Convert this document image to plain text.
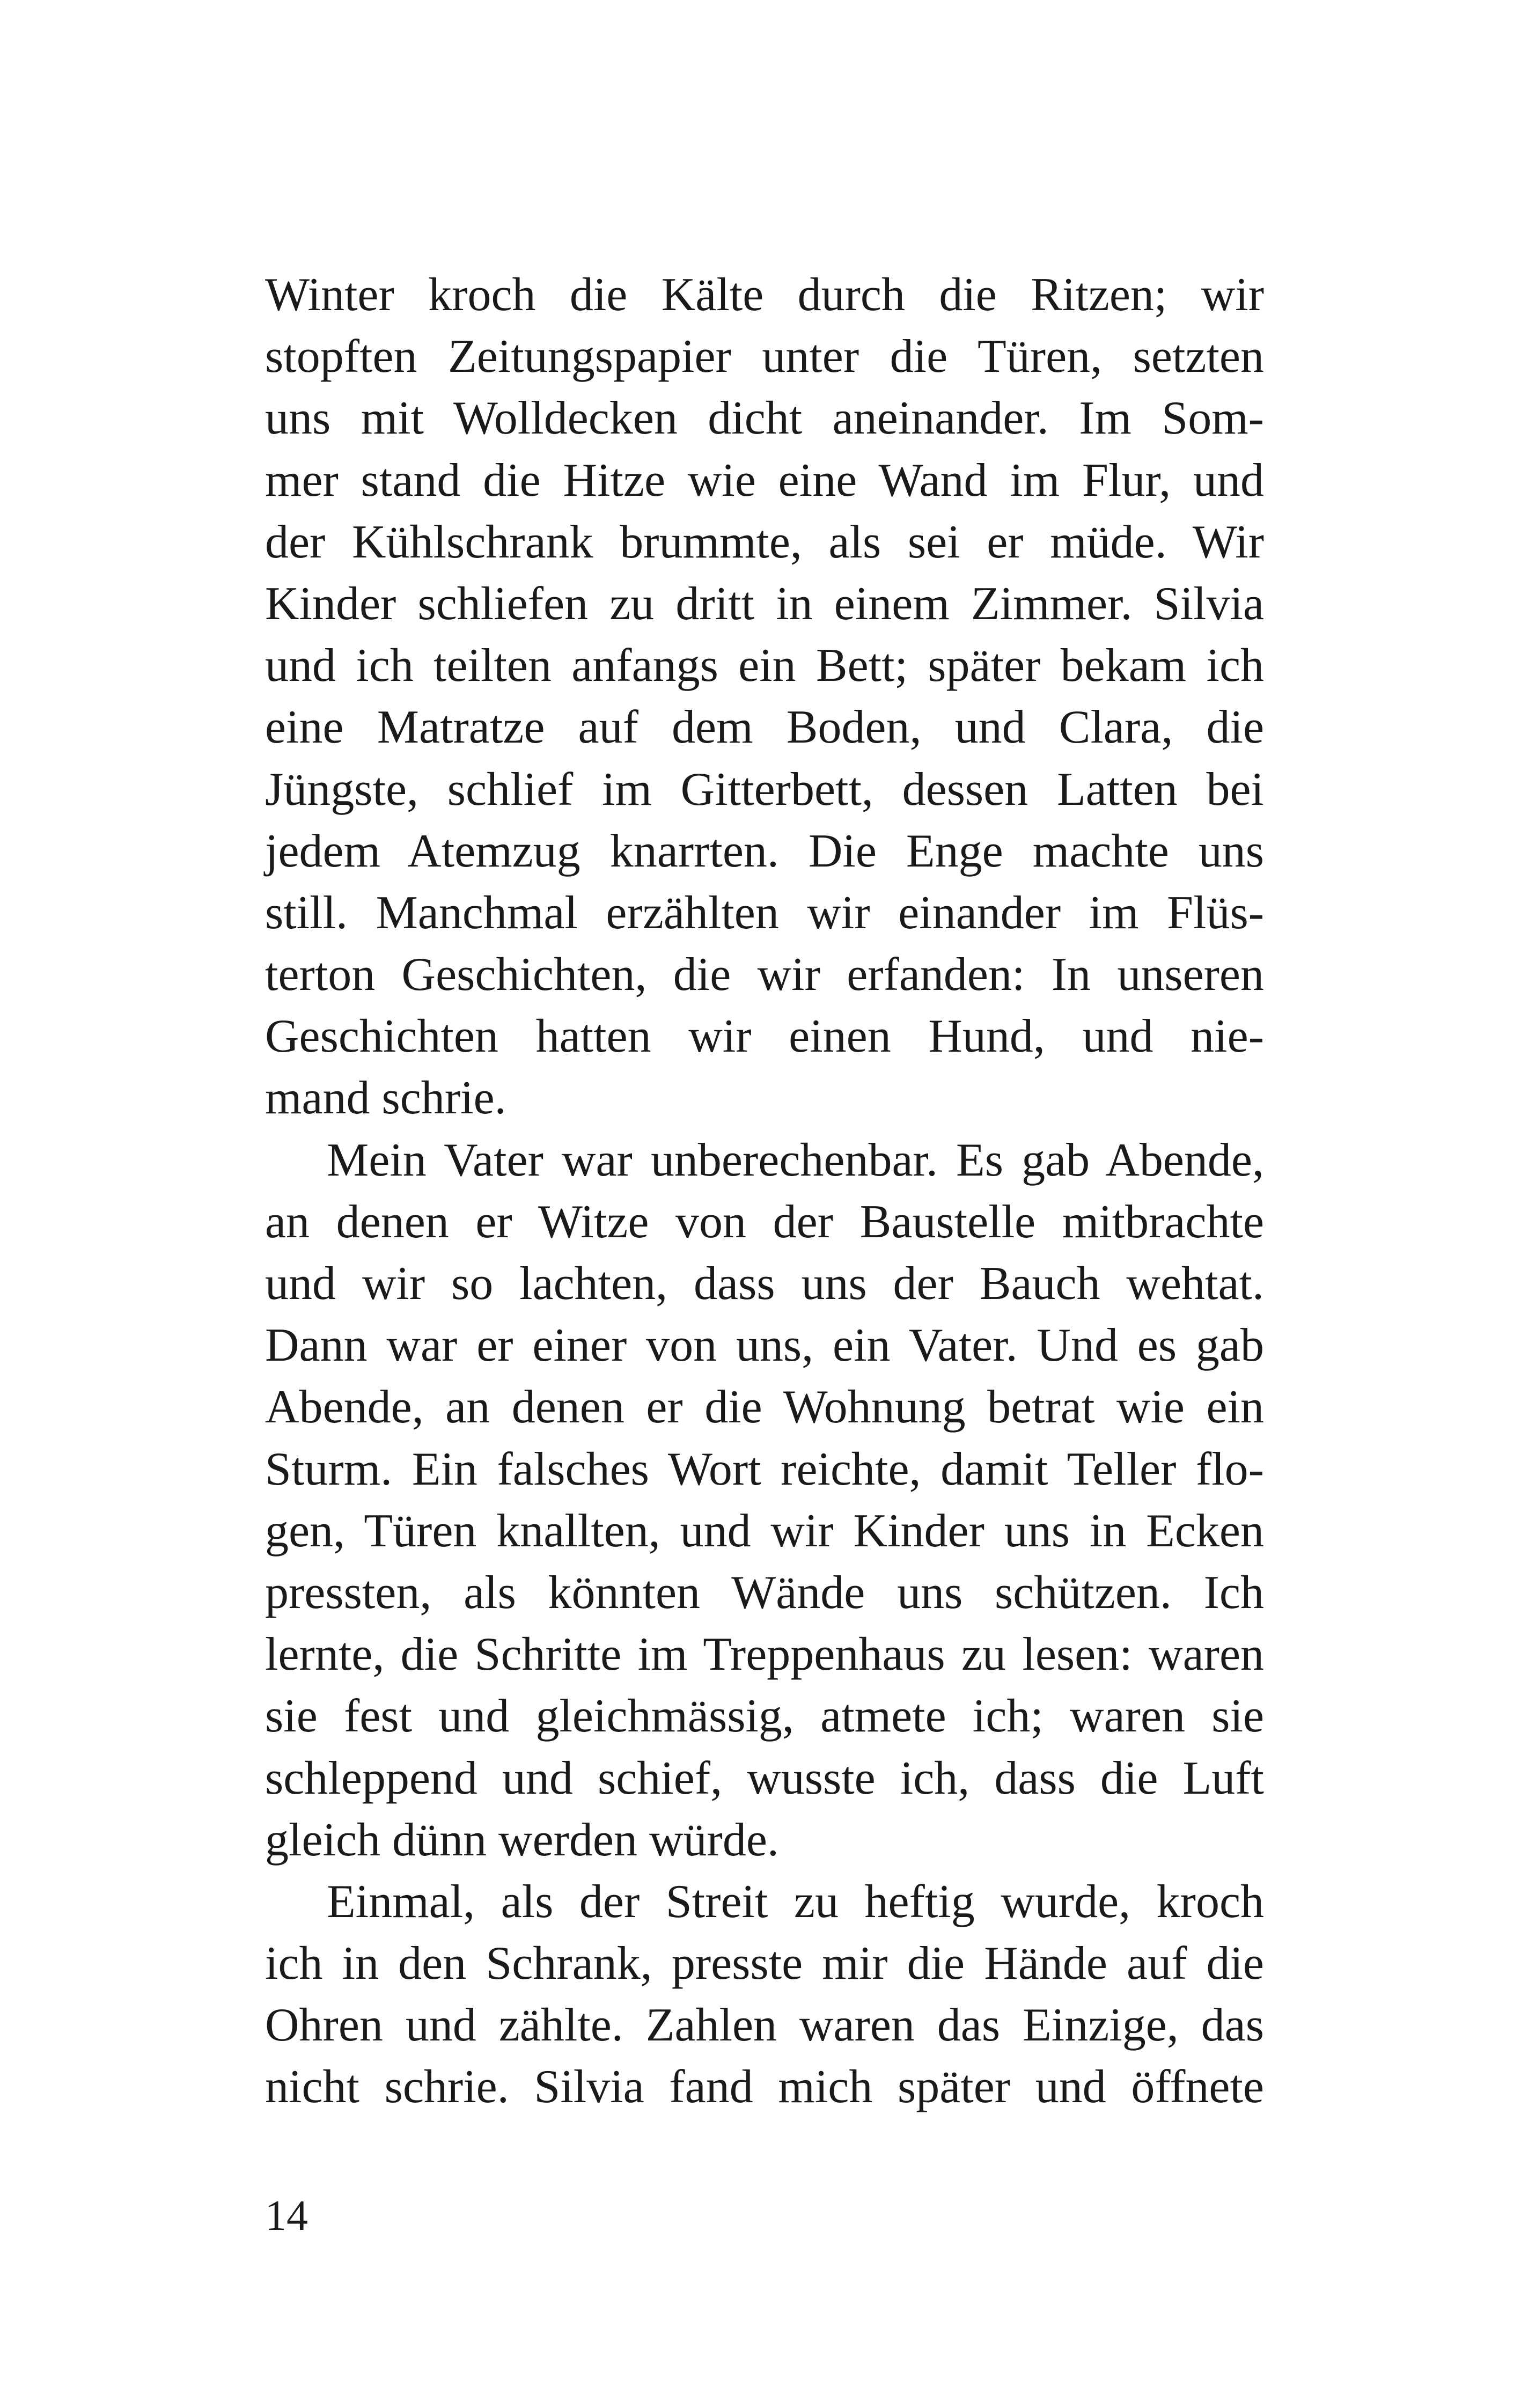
Winter kroch die Kälte durch die Ritzen; wir
stopften Zeitungspapier unter die Türen, setzten
uns mit Wolldecken dicht aneinander. Im Som-
mer stand die Hitze wie eine Wand im Flur, und
der Kühlschrank brummte, als sei er müde. Wir
Kinder schliefen zu dritt in einem Zimmer. Silvia
und ich teilten anfangs ein Bett; später bekam ich
eine Matratze auf dem Boden, und Clara, die
Jüngste, schlief im Gitterbett, dessen Latten bei
jedem Atemzug knarrten. Die Enge machte uns
still. Manchmal erzählten wir einander im Flüs-
terton Geschichten, die wir erfanden: In unseren
Geschichten hatten wir einen Hund, und nie-
mand schrie.
Mein Vater war unberechenbar. Es gab Abende,
an denen er Witze von der Baustelle mitbrachte
und wir so lachten, dass uns der Bauch wehtat.
Dann war er einer von uns, ein Vater. Und es gab
Abende, an denen er die Wohnung betrat wie ein
Sturm. Ein falsches Wort reichte, damit Teller flo-
gen, Türen knallten, und wir Kinder uns in Ecken
pressten, als könnten Wände uns schützen. Ich
lernte, die Schritte im Treppenhaus zu lesen: waren
sie fest und gleichmässig, atmete ich; waren sie
schleppend und schief, wusste ich, dass die Luft
gleich dünn werden würde.
Einmal, als der Streit zu heftig wurde, kroch
ich in den Schrank, presste mir die Hände auf die
Ohren und zählte. Zahlen waren das Einzige, das
nicht schrie. Silvia fand mich später und öffnete
14
